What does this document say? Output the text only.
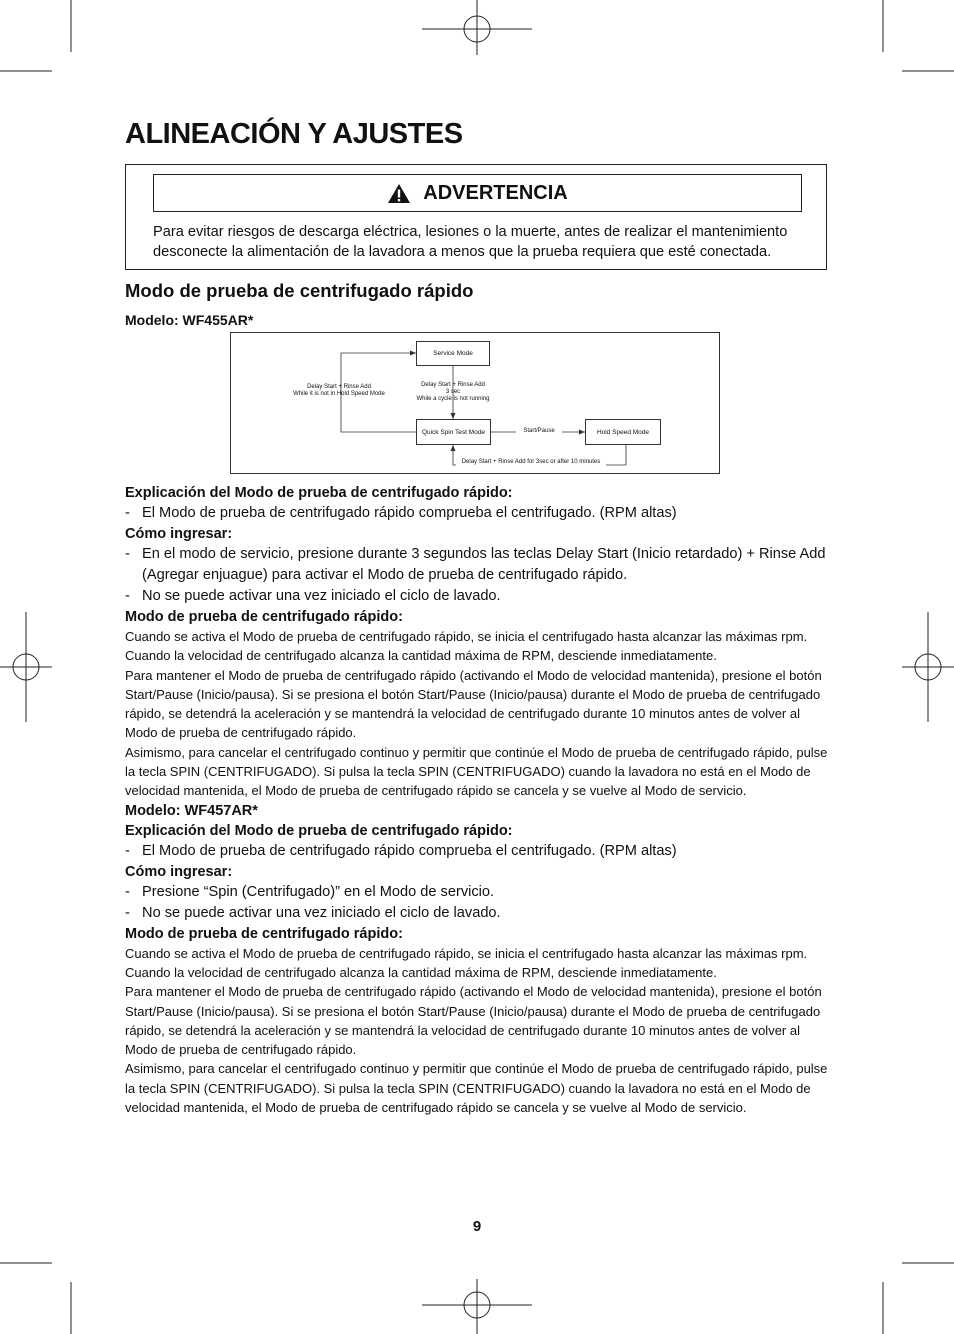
ALINEACIÓN Y AJUSTES
ADVERTENCIA

Para evitar riesgos de descarga eléctrica, lesiones o la muerte, antes de realizar el mantenimiento desconecte la alimentación de la lavadora a menos que la prueba requiera que esté conectada.

Modo de prueba de centrifugado rápido
Modelo: WF455AR*
Service Mode
Quick Spin Test Mode	Hold Speed Mode
Start/Pause
Delay Start + Rinse Add
While it is not in Hold Speed Mode
Delay Start + Rinse Add
3 sec
While a cycle is not running
Delay Start + Rinse Add for 3sec or after 10 minutes

Explicación del Modo de prueba de centrifugado rápido:

-   El Modo de prueba de centrifugado rápido comprueba el centrifugado. (RPM altas)

Cómo ingresar:

-   En el modo de servicio, presione durante 3 segundos las teclas Delay Start (Inicio retardado) + Rinse Add (Agregar enjuague) para activar el Modo de prueba de centrifugado rápido.

-   No se puede activar una vez iniciado el ciclo de lavado.

Modo de prueba de centrifugado rápido:

Cuando se activa el Modo de prueba de centrifugado rápido, se inicia el centrifugado hasta alcanzar las máximas rpm.

Cuando la velocidad de centrifugado alcanza la cantidad máxima de RPM, desciende inmediatamente.

Para mantener el Modo de prueba de centrifugado rápido (activando el Modo de velocidad mantenida), presione el botón Start/Pause (Inicio/pausa). Si se presiona el botón Start/Pause (Inicio/pausa) durante el Modo de prueba de centrifugado rápido, se detendrá la aceleración y se mantendrá la velocidad de centrifugado durante 10 minutos antes de volver al Modo de prueba de centrifugado rápido.

Asimismo, para cancelar el centrifugado continuo y permitir que continúe el Modo de prueba de centrifugado rápido, pulse la tecla SPIN (CENTRIFUGADO). Si pulsa la tecla SPIN (CENTRIFUGADO) cuando la lavadora no está en el Modo de velocidad mantenida, el Modo de prueba de centrifugado rápido se cancela y se vuelve al Modo de servicio.

Modelo: WF457AR*

Explicación del Modo de prueba de centrifugado rápido:

-   El Modo de prueba de centrifugado rápido comprueba el centrifugado. (RPM altas)

Cómo ingresar:

-   Presione “Spin (Centrifugado)” en el Modo de servicio.

-   No se puede activar una vez iniciado el ciclo de lavado.

Modo de prueba de centrifugado rápido:

Cuando se activa el Modo de prueba de centrifugado rápido, se inicia el centrifugado hasta alcanzar las máximas rpm. Cuando la velocidad de centrifugado alcanza la cantidad máxima de RPM, desciende inmediatamente.

Para mantener el Modo de prueba de centrifugado rápido (activando el Modo de velocidad mantenida), presione el botón Start/Pause (Inicio/pausa). Si se presiona el botón Start/Pause (Inicio/pausa) durante el Modo de prueba de centrifugado rápido, se detendrá la aceleración y se mantendrá la velocidad de centrifugado durante 10 minutos antes de volver al Modo de prueba de centrifugado rápido.

Asimismo, para cancelar el centrifugado continuo y permitir que continúe el Modo de prueba de centrifugado rápido, pulse la tecla SPIN (CENTRIFUGADO). Si pulsa la tecla SPIN (CENTRIFUGADO) cuando la lavadora no está en el Modo de velocidad mantenida, el Modo de prueba de centrifugado rápido se cancela y se vuelve al Modo de servicio.

9
